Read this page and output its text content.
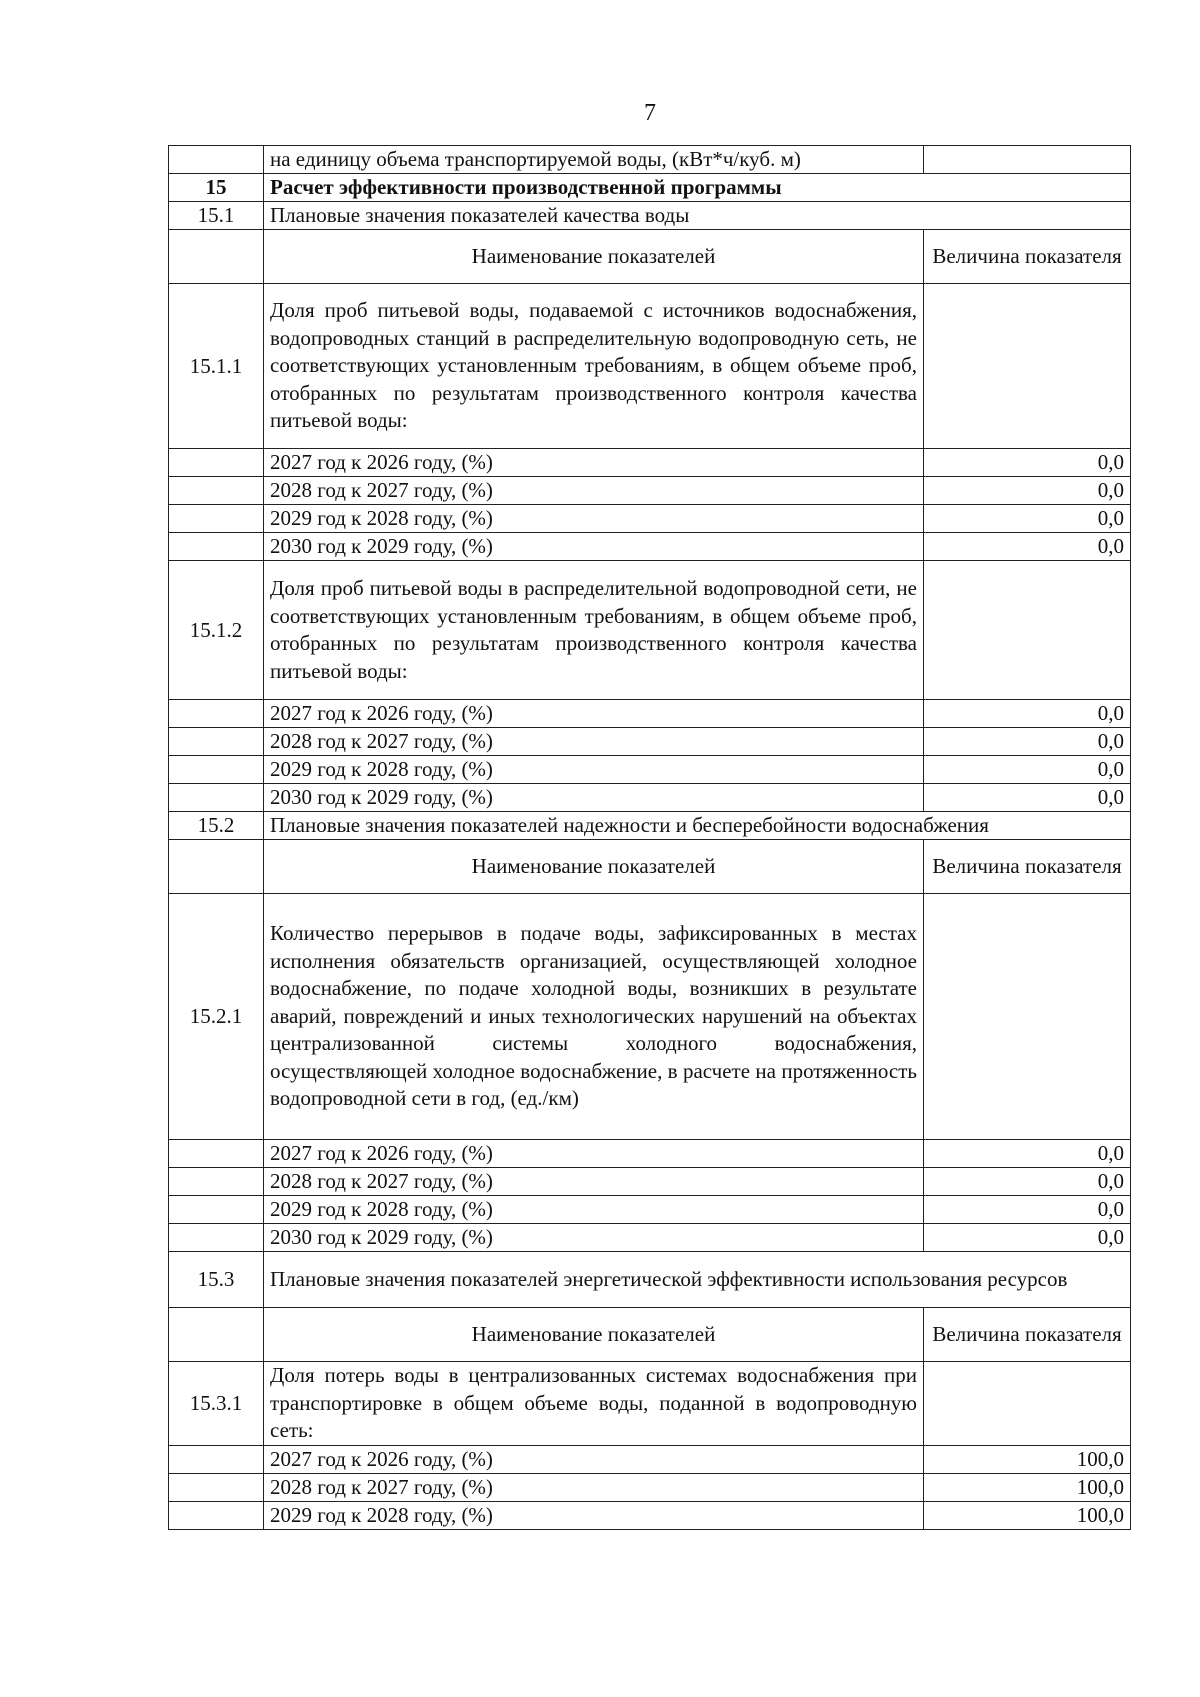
7
	на единицу объема транспортируемой воды, (кВт*ч/куб. м)	
15	Расчет эффективности производственной программы	
15.1	Плановые значения показателей качества воды	
	Наименование показателей	Величина показателя
15.1.1	Доля проб питьевой воды, подаваемой с источников водоснабжения, водопроводных станций в распределительную водопроводную сеть, не соответствующих установленным требованиям, в общем объеме проб, отобранных по результатам производственного контроля качества питьевой воды:	
	2027 год к 2026 году, (%)	0,0
	2028 год к 2027 году, (%)	0,0
	2029 год к 2028 году, (%)	0,0
	2030 год к 2029 году, (%)	0,0
15.1.2	Доля проб питьевой воды в распределительной водопроводной сети, не соответствующих установленным требованиям, в общем объеме проб, отобранных по результатам производственного контроля качества питьевой воды:	
	2027 год к 2026 году, (%)	0,0
	2028 год к 2027 году, (%)	0,0
	2029 год к 2028 году, (%)	0,0
	2030 год к 2029 году, (%)	0,0
15.2	Плановые значения показателей надежности и бесперебойности водоснабжения	
	Наименование показателей	Величина показателя
15.2.1	Количество перерывов в подаче воды, зафиксированных в местах исполнения обязательств организацией, осуществляющей холодное водоснабжение, по подаче холодной воды, возникших в результате аварий, повреждений и иных технологических нарушений на объектах централизованной системы холодного водоснабжения, осуществляющей холодное водоснабжение, в расчете на протяженность водопроводной сети в год, (ед./км)	
	2027 год к 2026 году, (%)	0,0
	2028 год к 2027 году, (%)	0,0
	2029 год к 2028 году, (%)	0,0
	2030 год к 2029 году, (%)	0,0
15.3	Плановые значения показателей энергетической эффективности использования ресурсов	
	Наименование показателей	Величина показателя
15.3.1	Доля потерь воды в централизованных системах водоснабжения при транспортировке в общем объеме воды, поданной в водопроводную сеть:	
	2027 год к 2026 году, (%)	100,0
	2028 год к 2027 году, (%)	100,0
	2029 год к 2028 году, (%)	100,0
